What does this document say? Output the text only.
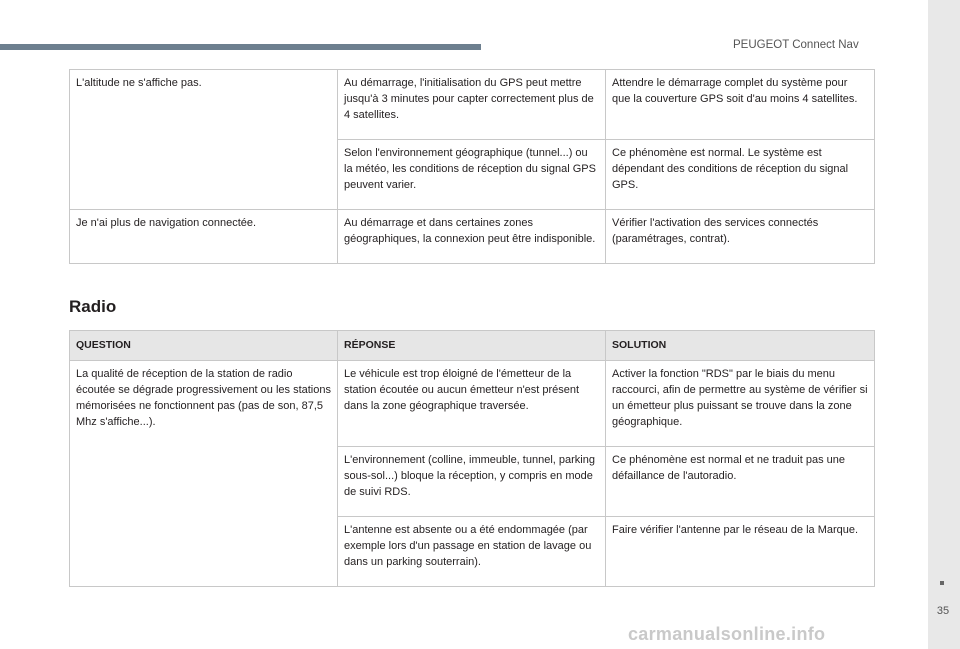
PEUGEOT Connect Nav
L'altitude ne s'affiche pas.	Au démarrage, l'initialisation du GPS peut mettre jusqu'à 3 minutes pour capter correctement plus de 4 satellites.	Attendre le démarrage complet du système pour que la couverture GPS soit d'au moins 4 satellites.
	Selon l'environnement géographique (tunnel...) ou la météo, les conditions de réception du signal GPS peuvent varier.	Ce phénomène est normal. Le système est dépendant des conditions de réception du signal GPS.
Je n'ai plus de navigation connectée.	Au démarrage et dans certaines zones géographiques, la connexion peut être indisponible.	Vérifier l'activation des services connectés (paramétrages, contrat).
Radio
QUESTION	RÉPONSE	SOLUTION
La qualité de réception de la station de radio écoutée se dégrade progressivement ou les stations mémorisées ne fonctionnent pas (pas de son, 87,5 Mhz s'affiche...).	Le véhicule est trop éloigné de l'émetteur de la station écoutée ou aucun émetteur n'est présent dans la zone géographique traversée.	Activer la fonction "RDS" par le biais du menu raccourci, afin de permettre au système de vérifier si un émetteur plus puissant se trouve dans la zone géographique.
	L'environnement (colline, immeuble, tunnel, parking sous-sol...) bloque la réception, y compris en mode de suivi RDS.	Ce phénomène est normal et ne traduit pas une défaillance de l'autoradio.
	L'antenne est absente ou a été endommagée (par exemple lors d'un passage en station de lavage ou dans un parking souterrain).	Faire vérifier l'antenne par le réseau de la Marque.
35
carmanualsonline.info
